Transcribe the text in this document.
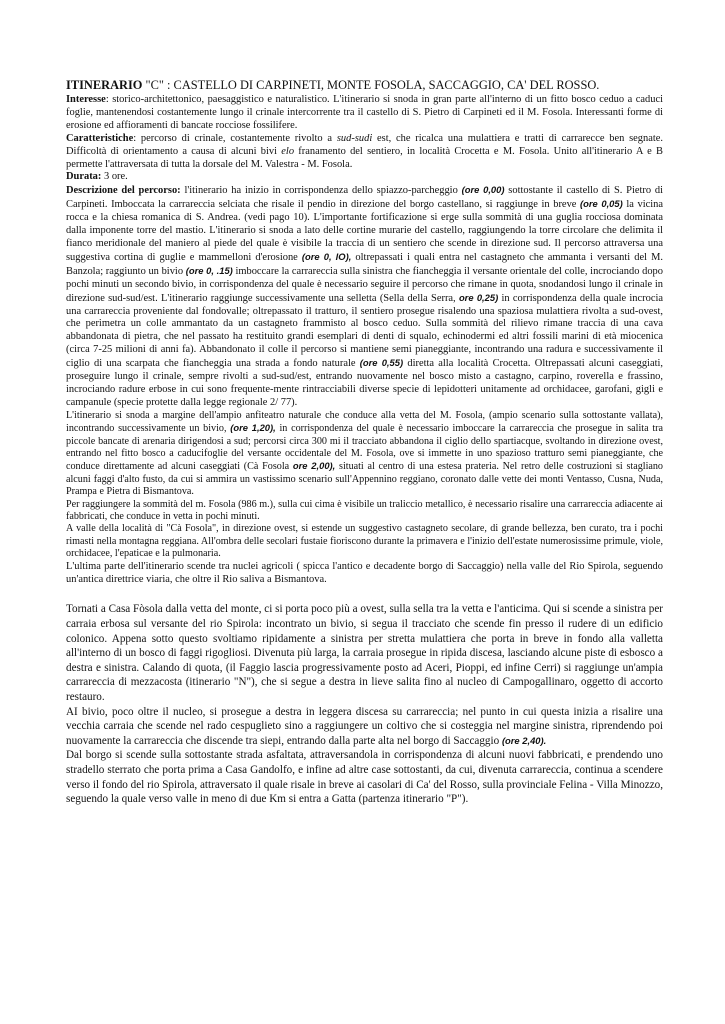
ITINERARIO "C" : CASTELLO DI CARPINETI, MONTE FOSOLA, SACCAGGIO, CA' DEL ROSSO.

Interesse: storico-architettonico, paesaggistico e naturalistico. L'itinerario si snoda in gran parte all'interno di un fitto bosco ceduo a caduci foglie, mantenendosi costantemente lungo il crinale intercorrente tra il castello di S. Pietro di Carpineti ed il M. Fosola. Interessanti forme di erosione ed affioramenti di bancate rocciose fossilifere.

Caratteristiche: percorso di crinale, costantemente rivolto a sud-sudi est, che ricalca una mulattiera e tratti di carrarecce ben segnate. Difficoltà di orientamento a causa di alcuni bivi elo franamento del sentiero, in località Crocetta e M. Fosola. Unito all'itinerario A e B permette l'attraversata di tutta la dorsale del M. Valestra - M. Fosola.

Durata: 3 ore.

Descrizione del percorso: l'itinerario ha inizio in corrispondenza dello spiazzo-parcheggio (ore 0,00) sottostante il castello di S. Pietro di Carpineti. Imboccata la carrareccia selciata che risale il pendio in direzione del borgo castellano, si raggiunge in breve (ore 0,05) la vicina rocca e la chiesa romanica di S. Andrea. (vedi pago 10). L'importante fortificazione si erge sulla sommità di una guglia rocciosa dominata dalla imponente torre del mastio. L'itinerario si snoda a lato delle cortine murarie del castello, raggiungendo la torre circolare che delimita il fianco meridionale del maniero al piede del quale è visibile la traccia di un sentiero che scende in direzione sud. Il percorso attraversa una suggestiva cortina di guglie e mammelloni d'erosione (ore 0, lO), oltrepassati i quali entra nel castagneto che ammanta i versanti del M. Banzola; raggiunto un bivio (ore 0, .15) imboccare la carrareccia sulla sinistra che fiancheggia il versante orientale del colle, incrociando dopo pochi minuti un secondo bivio, in corrispondenza del quale è necessario seguire il percorso che rimane in quota, snodandosi lungo il crinale in direzione sud-sud/est. L'itinerario raggiunge successivamente una selletta (Sella della Serra, ore 0,25) in corrispondenza della quale incrocia una carrareccia proveniente dal fondovalle; oltrepassato il tratturo, il sentiero prosegue risalendo una spaziosa mulattiera rivolta a sud-ovest, che perimetra un colle ammantato da un castagneto frammisto al bosco ceduo. Sulla sommità del rilievo rimane traccia di una cava abbandonata di pietra, che nel passato ha restituito grandi esemplari di denti di squalo, echinodermi ed altri fossili marini di età miocenica (circa 7-25 milioni di anni fa). Abbandonato il colle il percorso si mantiene semi pianeggiante, incontrando una radura e successivamente il ciglio di una scarpata che fiancheggia una strada a fondo naturale (ore 0,55) diretta alla località Crocetta. Oltrepassati alcuni caseggiati, proseguire lungo il crinale, sempre rivolti a sud-sud/est, entrando nuovamente nel bosco misto a castagno, carpino, roverella e frassino, incrociando radure erbose in cui sono frequente-mente rintracciabili diverse specie di lepidotteri unitamente ad orchidacee, garofani, gigli e campanule (specie protette dalla legge regionale 2/ 77).

L'itinerario si snoda a margine dell'ampio anfiteatro naturale che conduce alla vetta del M. Fosola, (ampio scenario sulla sottostante vallata), incontrando successivamente un bivio, (ore 1,20), in corrispondenza del quale è necessario imboccare la carrareccia che prosegue in salita tra piccole bancate di arenaria dirigendosi a sud; percorsi circa 300 mi il tracciato abbandona il ciglio dello spartiacque, svoltando in direzione ovest, entrando nel fitto bosco a caducifoglie del versante occidentale del M. Fosola, ove si immette in uno spazioso tratturo semi pianeggiante, che conduce direttamente ad alcuni caseggiati (Cà Fosola ore 2,00), situati al centro di una estesa prateria. Nel retro delle costruzioni si stagliano alcuni faggi d'alto fusto, da cui si ammira un vastissimo scenario sull'Appennino reggiano, coronato dalle vette dei monti Ventasso, Cusna, Nuda, Prampa e Pietra di Bismantova.

Per raggiungere la sommità del m. Fosola (986 m.), sulla cui cima è visibile un traliccio metallico, è necessario risalire una carrareccia adiacente ai fabbricati, che conduce in vetta in pochi minuti.

A valle della località di "Cà Fosola", in direzione ovest, si estende un suggestivo castagneto secolare, di grande bellezza, ben curato, tra i pochi rimasti nella montagna reggiana. All'ombra delle secolari fustaie fioriscono durante la primavera e l'inizio dell'estate numerosissime primule, viole, orchidacee, l'epaticae e la pulmonaria.

L'ultima parte dell'itinerario scende tra nuclei agricoli ( spicca l'antico e decadente borgo di Saccaggio) nella valle del Rio Spirola, seguendo un'antica direttrice viaria, che oltre il Rio saliva a Bismantova.

Tornati a Casa Fòsola dalla vetta del monte, ci si porta poco più a ovest, sulla sella tra la vetta e l'anticima. Qui si scende a sinistra per carraia erbosa sul versante del rio Spirola: incontrato un bivio, si segua il tracciato che scende fin presso il rudere di un edificio colonico. Appena sotto questo svoltiamo ripidamente a sinistra per stretta mulattiera che porta in breve in fondo alla valletta all'interno di un bosco di faggi rigogliosi. Divenuta più larga, la carraia prosegue in ripida discesa, lasciando alcune piste di esbosco a destra e sinistra. Calando di quota, (il Faggio lascia progressivamente posto ad Aceri, Pioppi, ed infine Cerri) si raggiunge un'ampia carrareccia di mezzacosta (itinerario "N"), che si segue a destra in lieve salita fino al nucleo di Campogallinaro, oggetto di accorto restauro.

AI bivio, poco oltre il nucleo, si prosegue a destra in leggera discesa su carrareccia; nel punto in cui questa inizia a risalire una vecchia carraia che scende nel rado cespuglieto sino a raggiungere un coltivo che si costeggia nel margine sinistra, riprendendo poi nuovamente la carrareccia che discende tra siepi, entrando dalla parte alta nel borgo di Saccaggio (ore 2,40).

Dal borgo si scende sulla sottostante strada asfaltata, attraversandola in corrispondenza di alcuni nuovi fabbricati, e prendendo uno stradello sterrato che porta prima a Casa Gandolfo, e infine ad altre case sottostanti, da cui, divenuta carrareccia, continua a scendere verso il fondo del rio Spirola, attraversato il quale risale in breve ai casolari di Ca' del Rosso, sulla provinciale Felina - Villa Minozzo, seguendo la quale verso valle in meno di due Km si entra a Gatta (partenza itinerario "P").
